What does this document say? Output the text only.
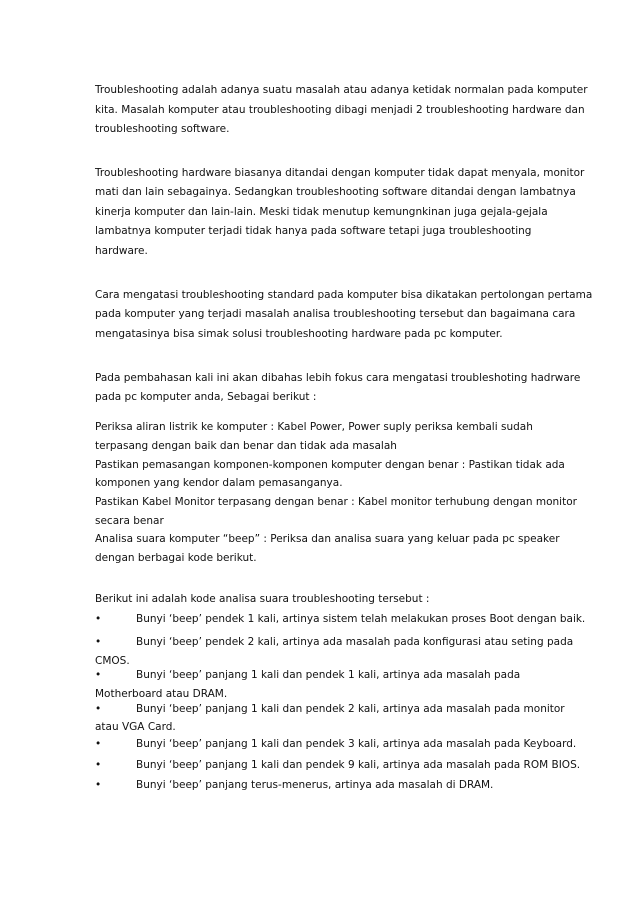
Troubleshooting adalah adanya suatu masalah atau adanya ketidak normalan pada komputer
kita. Masalah komputer atau troubleshooting dibagi menjadi 2 troubleshooting hardware dan
troubleshooting software.
Troubleshooting hardware biasanya ditandai dengan komputer tidak dapat menyala, monitor
mati dan lain sebagainya. Sedangkan troubleshooting software ditandai dengan lambatnya
kinerja komputer dan lain-lain. Meski tidak menutup kemungnkinan juga gejala-gejala
lambatnya komputer terjadi tidak hanya pada software tetapi juga troubleshooting
hardware.
Cara mengatasi troubleshooting standard pada komputer bisa dikatakan pertolongan pertama
pada komputer yang terjadi masalah analisa troubleshooting tersebut dan bagaimana cara
mengatasinya bisa simak solusi troubleshooting hardware pada pc komputer.
Pada pembahasan kali ini akan dibahas lebih fokus cara mengatasi troubleshoting hadrware
pada pc komputer anda, Sebagai berikut :
Periksa aliran listrik ke komputer : Kabel Power, Power suply periksa kembali sudah
terpasang dengan baik dan benar dan tidak ada masalah
Pastikan pemasangan komponen-komponen komputer dengan benar : Pastikan tidak ada
komponen yang kendor dalam pemasanganya.
Pastikan Kabel Monitor terpasang dengan benar : Kabel monitor terhubung dengan monitor
secara benar
Analisa suara komputer “beep” : Periksa dan analisa suara yang keluar pada pc speaker
dengan berbagai kode berikut.
Berikut ini adalah kode analisa suara troubleshooting tersebut :
•	Bunyi ‘beep’ pendek 1 kali, artinya sistem telah melakukan proses Boot dengan baik.
•	Bunyi ‘beep’ pendek 2 kali, artinya ada masalah pada konfigurasi atau seting pada
CMOS.
•	Bunyi ‘beep’ panjang 1 kali dan pendek 1 kali, artinya ada masalah pada
Motherboard atau DRAM.
•	Bunyi ‘beep’ panjang 1 kali dan pendek 2 kali, artinya ada masalah pada monitor
atau VGA Card.
•	Bunyi ‘beep’ panjang 1 kali dan pendek 3 kali, artinya ada masalah pada Keyboard.
•	Bunyi ‘beep’ panjang 1 kali dan pendek 9 kali, artinya ada masalah pada ROM BIOS.
•	Bunyi ‘beep’ panjang terus-menerus, artinya ada masalah di DRAM.
